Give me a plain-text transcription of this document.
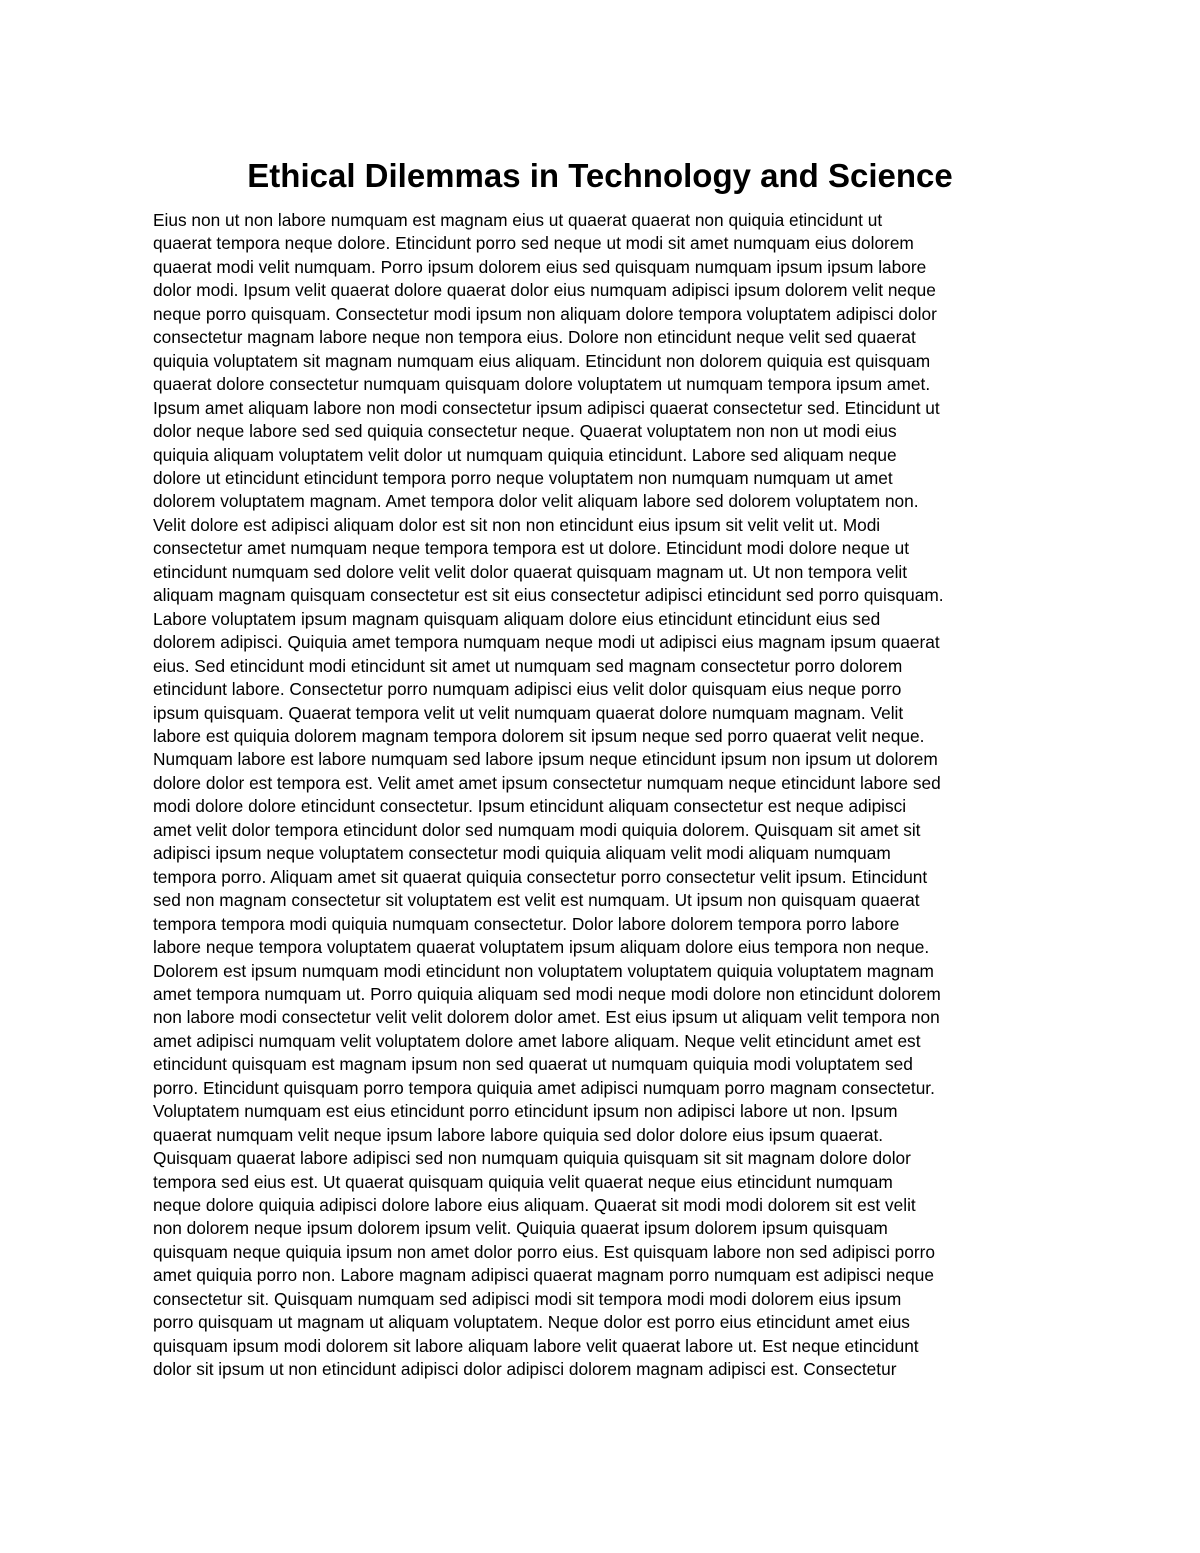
Ethical Dilemmas in Technology and Science
Eius non ut non labore numquam est magnam eius ut quaerat quaerat non quiquia etincidunt ut
quaerat tempora neque dolore. Etincidunt porro sed neque ut modi sit amet numquam eius dolorem
quaerat modi velit numquam. Porro ipsum dolorem eius sed quisquam numquam ipsum ipsum labore
dolor modi. Ipsum velit quaerat dolore quaerat dolor eius numquam adipisci ipsum dolorem velit neque
neque porro quisquam. Consectetur modi ipsum non aliquam dolore tempora voluptatem adipisci dolor
consectetur magnam labore neque non tempora eius. Dolore non etincidunt neque velit sed quaerat
quiquia voluptatem sit magnam numquam eius aliquam. Etincidunt non dolorem quiquia est quisquam
quaerat dolore consectetur numquam quisquam dolore voluptatem ut numquam tempora ipsum amet.
Ipsum amet aliquam labore non modi consectetur ipsum adipisci quaerat consectetur sed. Etincidunt ut
dolor neque labore sed sed quiquia consectetur neque. Quaerat voluptatem non non ut modi eius
quiquia aliquam voluptatem velit dolor ut numquam quiquia etincidunt. Labore sed aliquam neque
dolore ut etincidunt etincidunt tempora porro neque voluptatem non numquam numquam ut amet
dolorem voluptatem magnam. Amet tempora dolor velit aliquam labore sed dolorem voluptatem non.
Velit dolore est adipisci aliquam dolor est sit non non etincidunt eius ipsum sit velit velit ut. Modi
consectetur amet numquam neque tempora tempora est ut dolore. Etincidunt modi dolore neque ut
etincidunt numquam sed dolore velit velit dolor quaerat quisquam magnam ut. Ut non tempora velit
aliquam magnam quisquam consectetur est sit eius consectetur adipisci etincidunt sed porro quisquam.
Labore voluptatem ipsum magnam quisquam aliquam dolore eius etincidunt etincidunt eius sed
dolorem adipisci. Quiquia amet tempora numquam neque modi ut adipisci eius magnam ipsum quaerat
eius. Sed etincidunt modi etincidunt sit amet ut numquam sed magnam consectetur porro dolorem
etincidunt labore. Consectetur porro numquam adipisci eius velit dolor quisquam eius neque porro
ipsum quisquam. Quaerat tempora velit ut velit numquam quaerat dolore numquam magnam. Velit
labore est quiquia dolorem magnam tempora dolorem sit ipsum neque sed porro quaerat velit neque.
Numquam labore est labore numquam sed labore ipsum neque etincidunt ipsum non ipsum ut dolorem
dolore dolor est tempora est. Velit amet amet ipsum consectetur numquam neque etincidunt labore sed
modi dolore dolore etincidunt consectetur. Ipsum etincidunt aliquam consectetur est neque adipisci
amet velit dolor tempora etincidunt dolor sed numquam modi quiquia dolorem. Quisquam sit amet sit
adipisci ipsum neque voluptatem consectetur modi quiquia aliquam velit modi aliquam numquam
tempora porro. Aliquam amet sit quaerat quiquia consectetur porro consectetur velit ipsum. Etincidunt
sed non magnam consectetur sit voluptatem est velit est numquam. Ut ipsum non quisquam quaerat
tempora tempora modi quiquia numquam consectetur. Dolor labore dolorem tempora porro labore
labore neque tempora voluptatem quaerat voluptatem ipsum aliquam dolore eius tempora non neque.
Dolorem est ipsum numquam modi etincidunt non voluptatem voluptatem quiquia voluptatem magnam
amet tempora numquam ut. Porro quiquia aliquam sed modi neque modi dolore non etincidunt dolorem
non labore modi consectetur velit velit dolorem dolor amet. Est eius ipsum ut aliquam velit tempora non
amet adipisci numquam velit voluptatem dolore amet labore aliquam. Neque velit etincidunt amet est
etincidunt quisquam est magnam ipsum non sed quaerat ut numquam quiquia modi voluptatem sed
porro. Etincidunt quisquam porro tempora quiquia amet adipisci numquam porro magnam consectetur.
Voluptatem numquam est eius etincidunt porro etincidunt ipsum non adipisci labore ut non. Ipsum
quaerat numquam velit neque ipsum labore labore quiquia sed dolor dolore eius ipsum quaerat.
Quisquam quaerat labore adipisci sed non numquam quiquia quisquam sit sit magnam dolore dolor
tempora sed eius est. Ut quaerat quisquam quiquia velit quaerat neque eius etincidunt numquam
neque dolore quiquia adipisci dolore labore eius aliquam. Quaerat sit modi modi dolorem sit est velit
non dolorem neque ipsum dolorem ipsum velit. Quiquia quaerat ipsum dolorem ipsum quisquam
quisquam neque quiquia ipsum non amet dolor porro eius. Est quisquam labore non sed adipisci porro
amet quiquia porro non. Labore magnam adipisci quaerat magnam porro numquam est adipisci neque
consectetur sit. Quisquam numquam sed adipisci modi sit tempora modi modi dolorem eius ipsum
porro quisquam ut magnam ut aliquam voluptatem. Neque dolor est porro eius etincidunt amet eius
quisquam ipsum modi dolorem sit labore aliquam labore velit quaerat labore ut. Est neque etincidunt
dolor sit ipsum ut non etincidunt adipisci dolor adipisci dolorem magnam adipisci est. Consectetur
